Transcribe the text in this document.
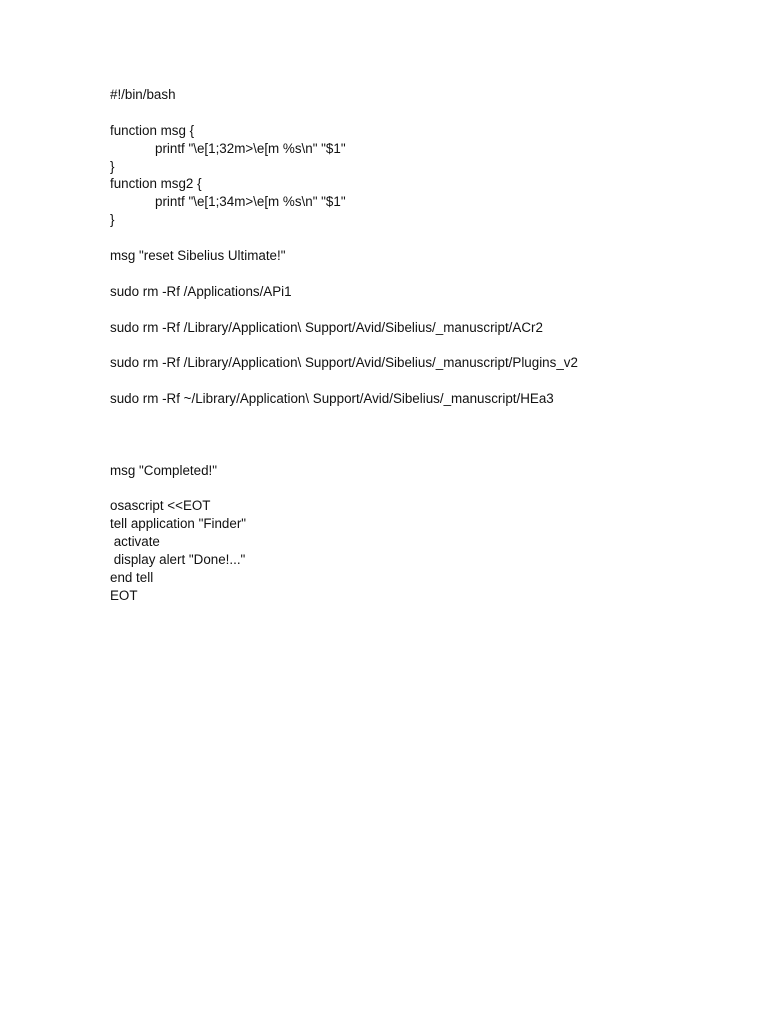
#!/bin/bash
function msg {
printf "\e[1;32m>\e[m %s\n" "$1"
}
function msg2 {
printf "\e[1;34m>\e[m %s\n" "$1"
}
msg "reset Sibelius Ultimate!"
sudo rm -Rf /Applications/APi1
sudo rm -Rf /Library/Application\ Support/Avid/Sibelius/_manuscript/ACr2
sudo rm -Rf /Library/Application\ Support/Avid/Sibelius/_manuscript/Plugins_v2
sudo rm -Rf ~/Library/Application\ Support/Avid/Sibelius/_manuscript/HEa3
msg "Completed!"
osascript <<EOT
tell application "Finder"
activate
display alert "Done!..."
end tell
EOT
